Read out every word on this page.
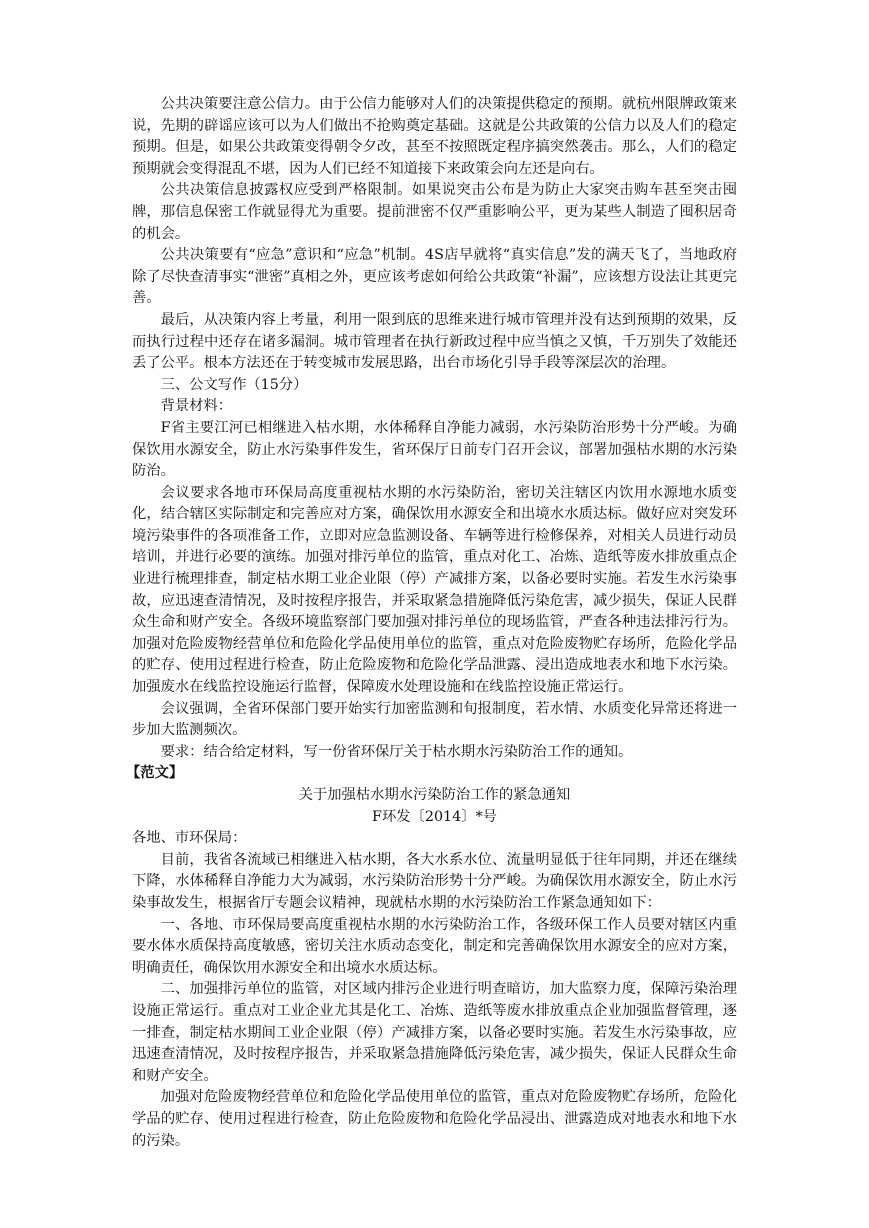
公共决策要注意公信力。由于公信力能够对人们的决策提供稳定的预期。就杭州限牌政策来说，先期的辟谣应该可以为人们做出不抢购奠定基础。这就是公共政策的公信力以及人们的稳定预期。但是，如果公共政策变得朝令夕改，甚至不按照既定程序搞突然袭击。那么，人们的稳定预期就会变得混乱不堪，因为人们已经不知道接下来政策会向左还是向右。

公共决策信息披露权应受到严格限制。如果说突击公布是为防止大家突击购车甚至突击囤牌，那信息保密工作就显得尤为重要。提前泄密不仅严重影响公平，更为某些人制造了囤积居奇的机会。

公共决策要有“应急”意识和“应急”机制。4S店早就将“真实信息”发的满天飞了，当地政府除了尽快查清事实“泄密”真相之外，更应该考虑如何给公共政策“补漏”，应该想方设法让其更完善。

最后，从决策内容上考量，利用一限到底的思维来进行城市管理并没有达到预期的效果，反而执行过程中还存在诸多漏洞。城市管理者在执行新政过程中应当慎之又慎，千万别失了效能还丢了公平。根本方法还在于转变城市发展思路，出台市场化引导手段等深层次的治理。

三、公文写作（15分）

背景材料：

F省主要江河已相继进入枯水期，水体稀释自净能力减弱，水污染防治形势十分严峻。为确保饮用水源安全，防止水污染事件发生，省环保厅日前专门召开会议，部署加强枯水期的水污染防治。

会议要求各地市环保局高度重视枯水期的水污染防治，密切关注辖区内饮用水源地水质变化，结合辖区实际制定和完善应对方案，确保饮用水源安全和出境水水质达标。做好应对突发环境污染事件的各项准备工作，立即对应急监测设备、车辆等进行检修保养，对相关人员进行动员培训，并进行必要的演练。加强对排污单位的监管，重点对化工、冶炼、造纸等废水排放重点企业进行梳理排查，制定枯水期工业企业限（停）产减排方案，以备必要时实施。若发生水污染事故，应迅速查清情况，及时按程序报告，并采取紧急措施降低污染危害，减少损失，保证人民群众生命和财产安全。各级环境监察部门要加强对排污单位的现场监管，严查各种违法排污行为。加强对危险废物经营单位和危险化学品使用单位的监管，重点对危险废物贮存场所，危险化学品的贮存、使用过程进行检查，防止危险废物和危险化学品泄露、浸出造成地表水和地下水污染。加强废水在线监控设施运行监督，保障废水处理设施和在线监控设施正常运行。

会议强调，全省环保部门要开始实行加密监测和旬报制度，若水情、水质变化异常还将进一步加大监测频次。

要求：结合给定材料，写一份省环保厅关于枯水期水污染防治工作的通知。

【范文】

关于加强枯水期水污染防治工作的紧急通知

F环发〔2014〕*号

各地、市环保局：

目前，我省各流域已相继进入枯水期，各大水系水位、流量明显低于往年同期，并还在继续下降，水体稀释自净能力大为减弱，水污染防治形势十分严峻。为确保饮用水源安全，防止水污染事故发生，根据省厅专题会议精神，现就枯水期的水污染防治工作紧急通知如下：

一、各地、市环保局要高度重视枯水期的水污染防治工作，各级环保工作人员要对辖区内重要水体水质保持高度敏感，密切关注水质动态变化，制定和完善确保饮用水源安全的应对方案，明确责任，确保饮用水源安全和出境水水质达标。

二、加强排污单位的监管，对区域内排污企业进行明查暗访，加大监察力度，保障污染治理设施正常运行。重点对工业企业尤其是化工、冶炼、造纸等废水排放重点企业加强监督管理，逐一排查，制定枯水期间工业企业限（停）产减排方案，以备必要时实施。若发生水污染事故，应迅速查清情况，及时按程序报告，并采取紧急措施降低污染危害，减少损失，保证人民群众生命和财产安全。

加强对危险废物经营单位和危险化学品使用单位的监管，重点对危险废物贮存场所，危险化学品的贮存、使用过程进行检查，防止危险废物和危险化学品浸出、泄露造成对地表水和地下水的污染。
